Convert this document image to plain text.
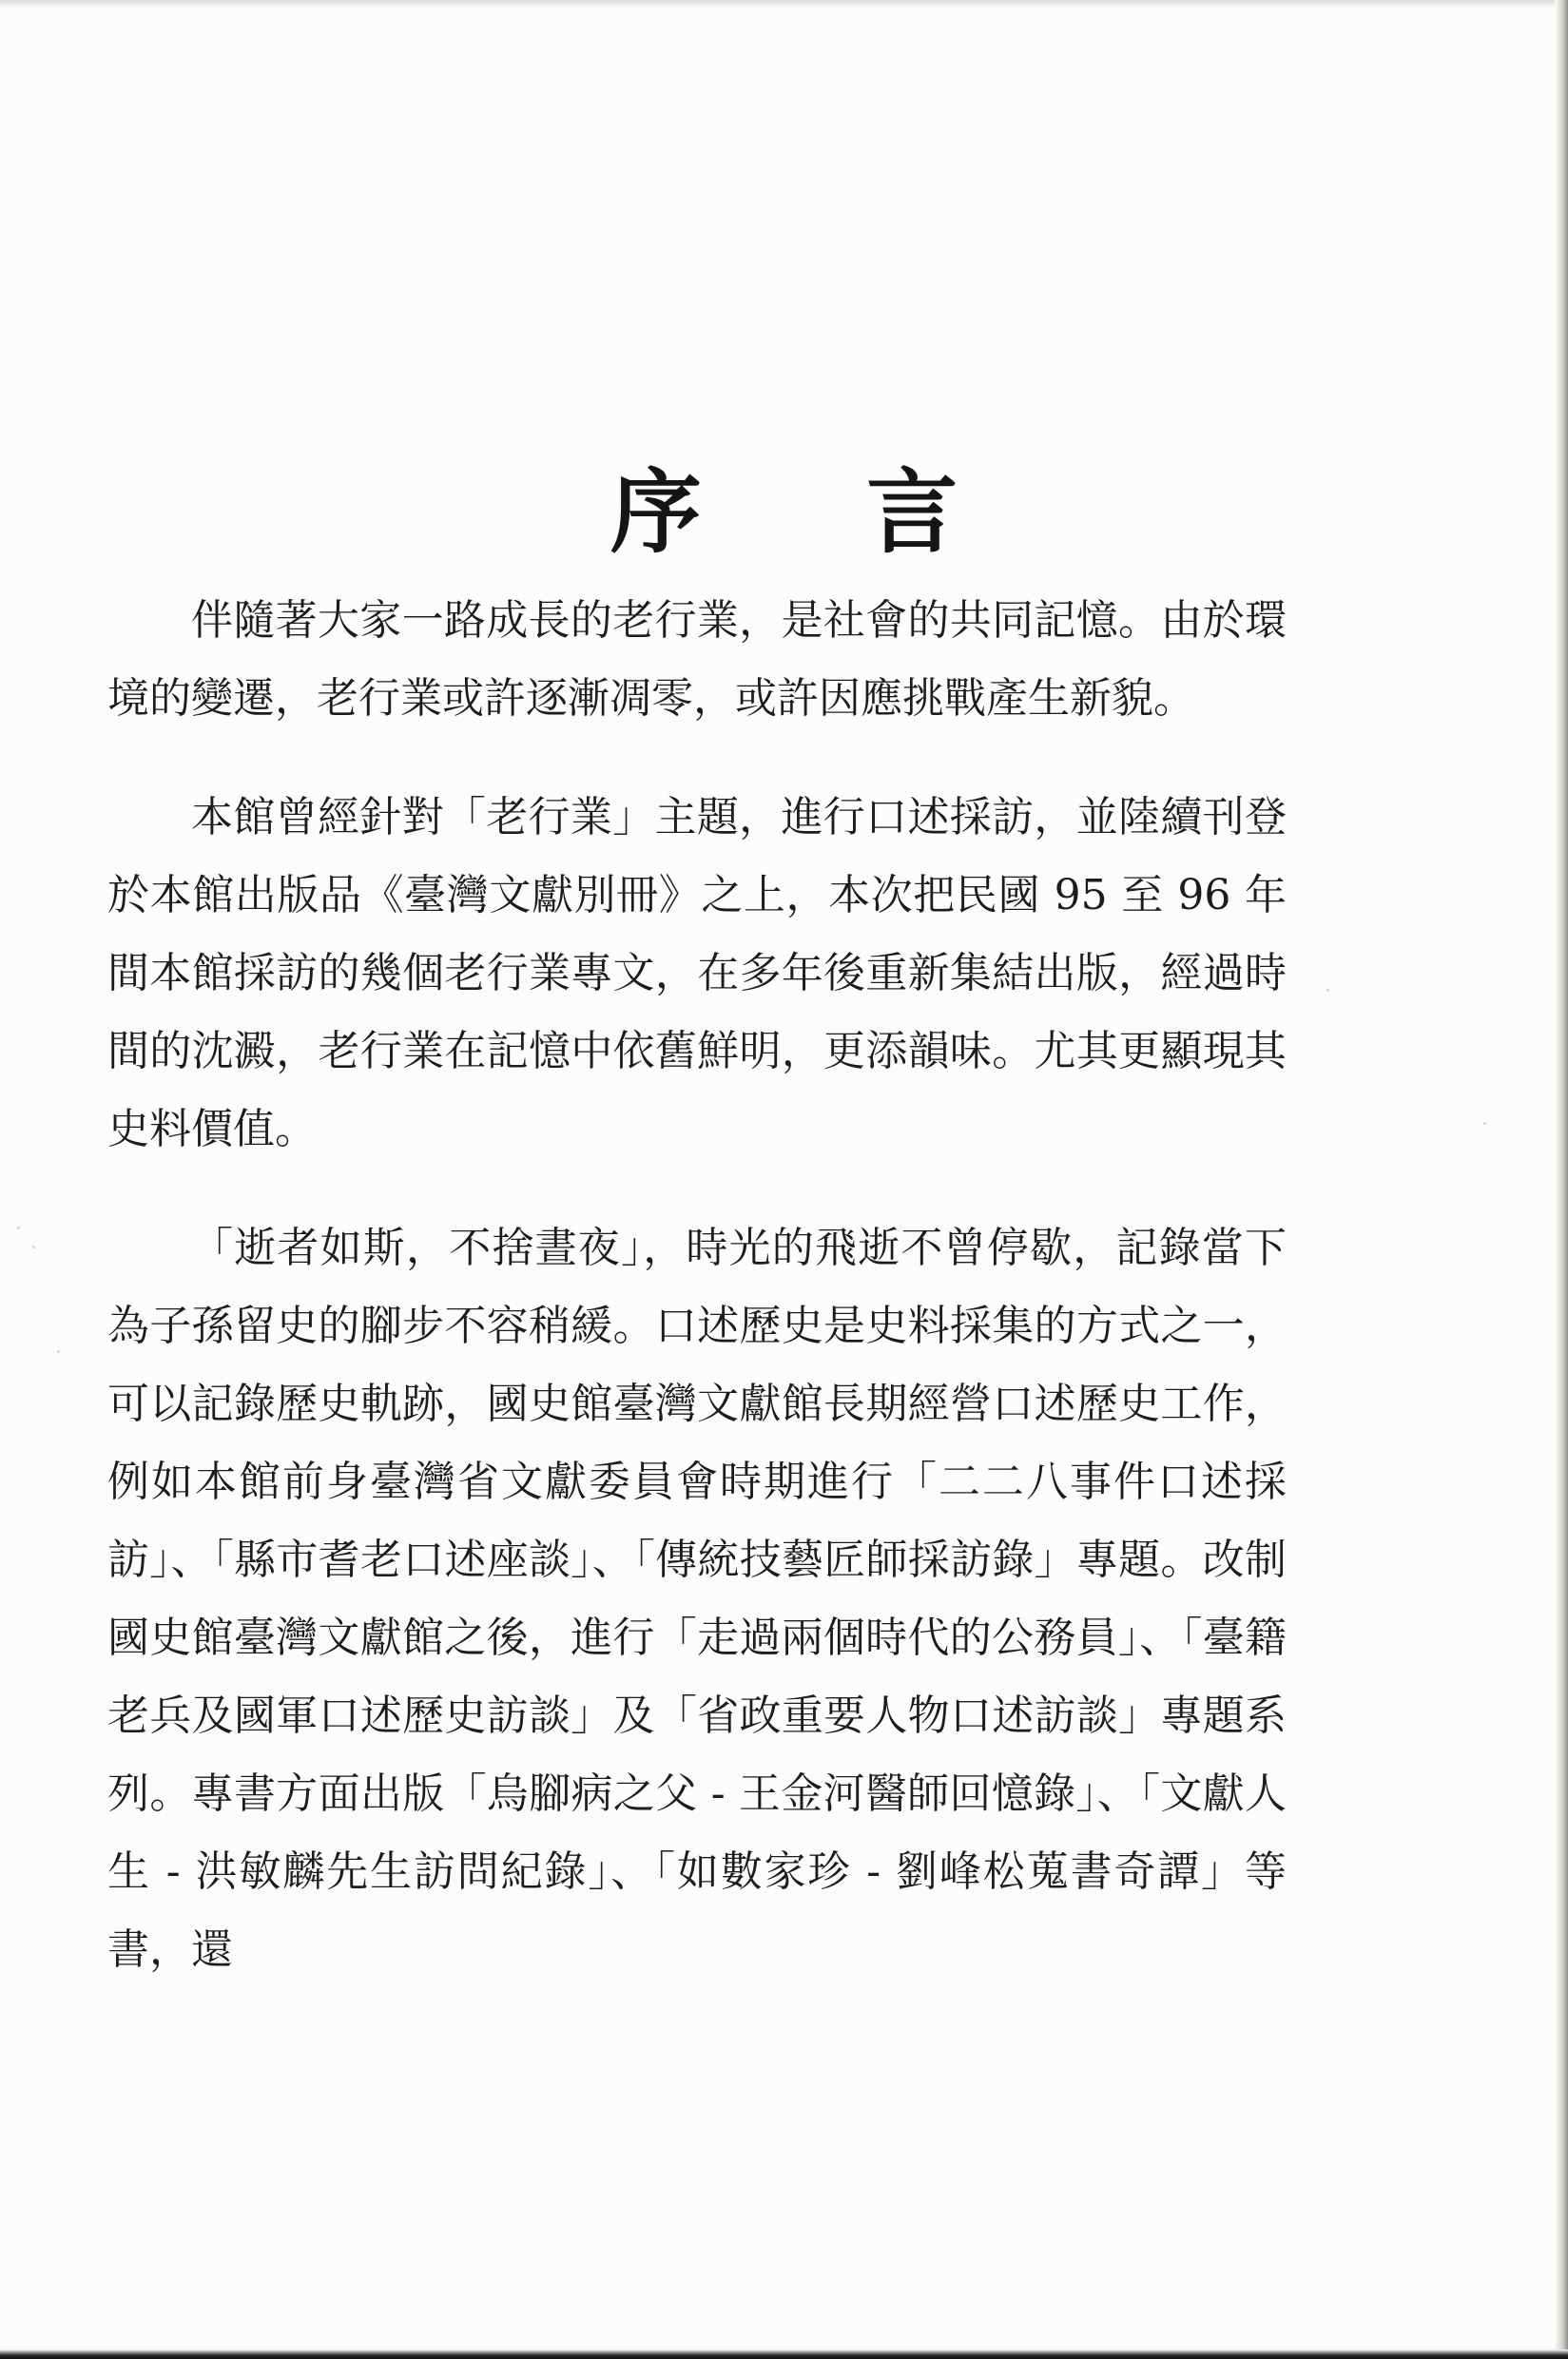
序 言

伴隨著大家一路成長的老行業，是社會的共同記憶。由於環境的變遷，老行業或許逐漸凋零，或許因應挑戰產生新貌。

本館曾經針對「老行業」主題，進行口述採訪，並陸續刊登於本館出版品《臺灣文獻別冊》之上，本次把民國 95 至 96 年間本館採訪的幾個老行業專文，在多年後重新集結出版，經過時間的沈澱，老行業在記憶中依舊鮮明，更添韻味。尤其更顯現其史料價值。

「逝者如斯，不捨晝夜」，時光的飛逝不曾停歇，記錄當下為子孫留史的腳步不容稍緩。口述歷史是史料採集的方式之一，可以記錄歷史軌跡，國史館臺灣文獻館長期經營口述歷史工作，例如本館前身臺灣省文獻委員會時期進行「二二八事件口述採訪」、「縣市耆老口述座談」、「傳統技藝匠師採訪錄」專題。改制國史館臺灣文獻館之後，進行「走過兩個時代的公務員」、「臺籍老兵及國軍口述歷史訪談」及「省政重要人物口述訪談」專題系列。專書方面出版「烏腳病之父 - 王金河醫師回憶錄」、「文獻人生 - 洪敏麟先生訪問紀錄」、「如數家珍 - 劉峰松蒐書奇譚」等書，還
